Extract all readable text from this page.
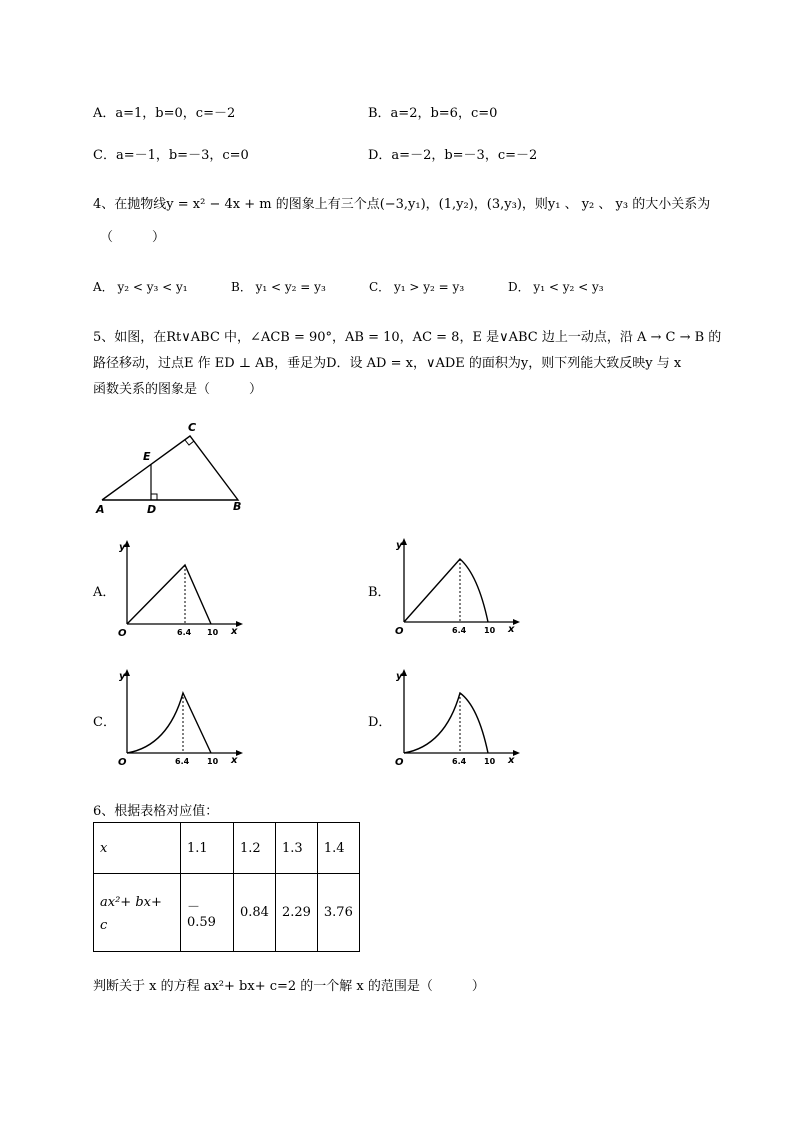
A．a=1，b=0，c=－2	B．a=2，b=6，c=0
C．a=－1，b=－3，c=0	D．a=－2，b=－3，c=－2
4、在抛物线y = x² − 4x + m 的图象上有三个点(−3,y₁)，(1,y₂)，(3,y₃)，则y₁ 、 y₂ 、 y₃ 的大小关系为
（　　　）
A． y₂ < y₃ < y₁	B． y₁ < y₂ = y₃	C． y₁ > y₂ = y₃	D． y₁ < y₂ < y₃
5、如图，在Rt∨ABC 中，∠ACB = 90°，AB = 10，AC = 8，E 是∨ABC 边上一动点，沿 A → C → B 的
路径移动，过点E 作 ED ⊥ AB，垂足为D．设 AD = x，∨ADE 的面积为y，则下列能大致反映y 与 x
函数关系的图象是（　　　）
C
E
A	D	B
A．	B．
C．	D．
y
O	6.4 10 x
y
O	6.4 10 x
y
O	6.4 10 x
y
O	6.4 10 x
6、根据表格对应值：
x	1.1	1.2	1.3	1.4

ax²+ bx+
c	－0.59	0.84	2.29	3.76
判断关于 x 的方程 ax²+ bx+ c=2 的一个解 x 的范围是（　　　）
